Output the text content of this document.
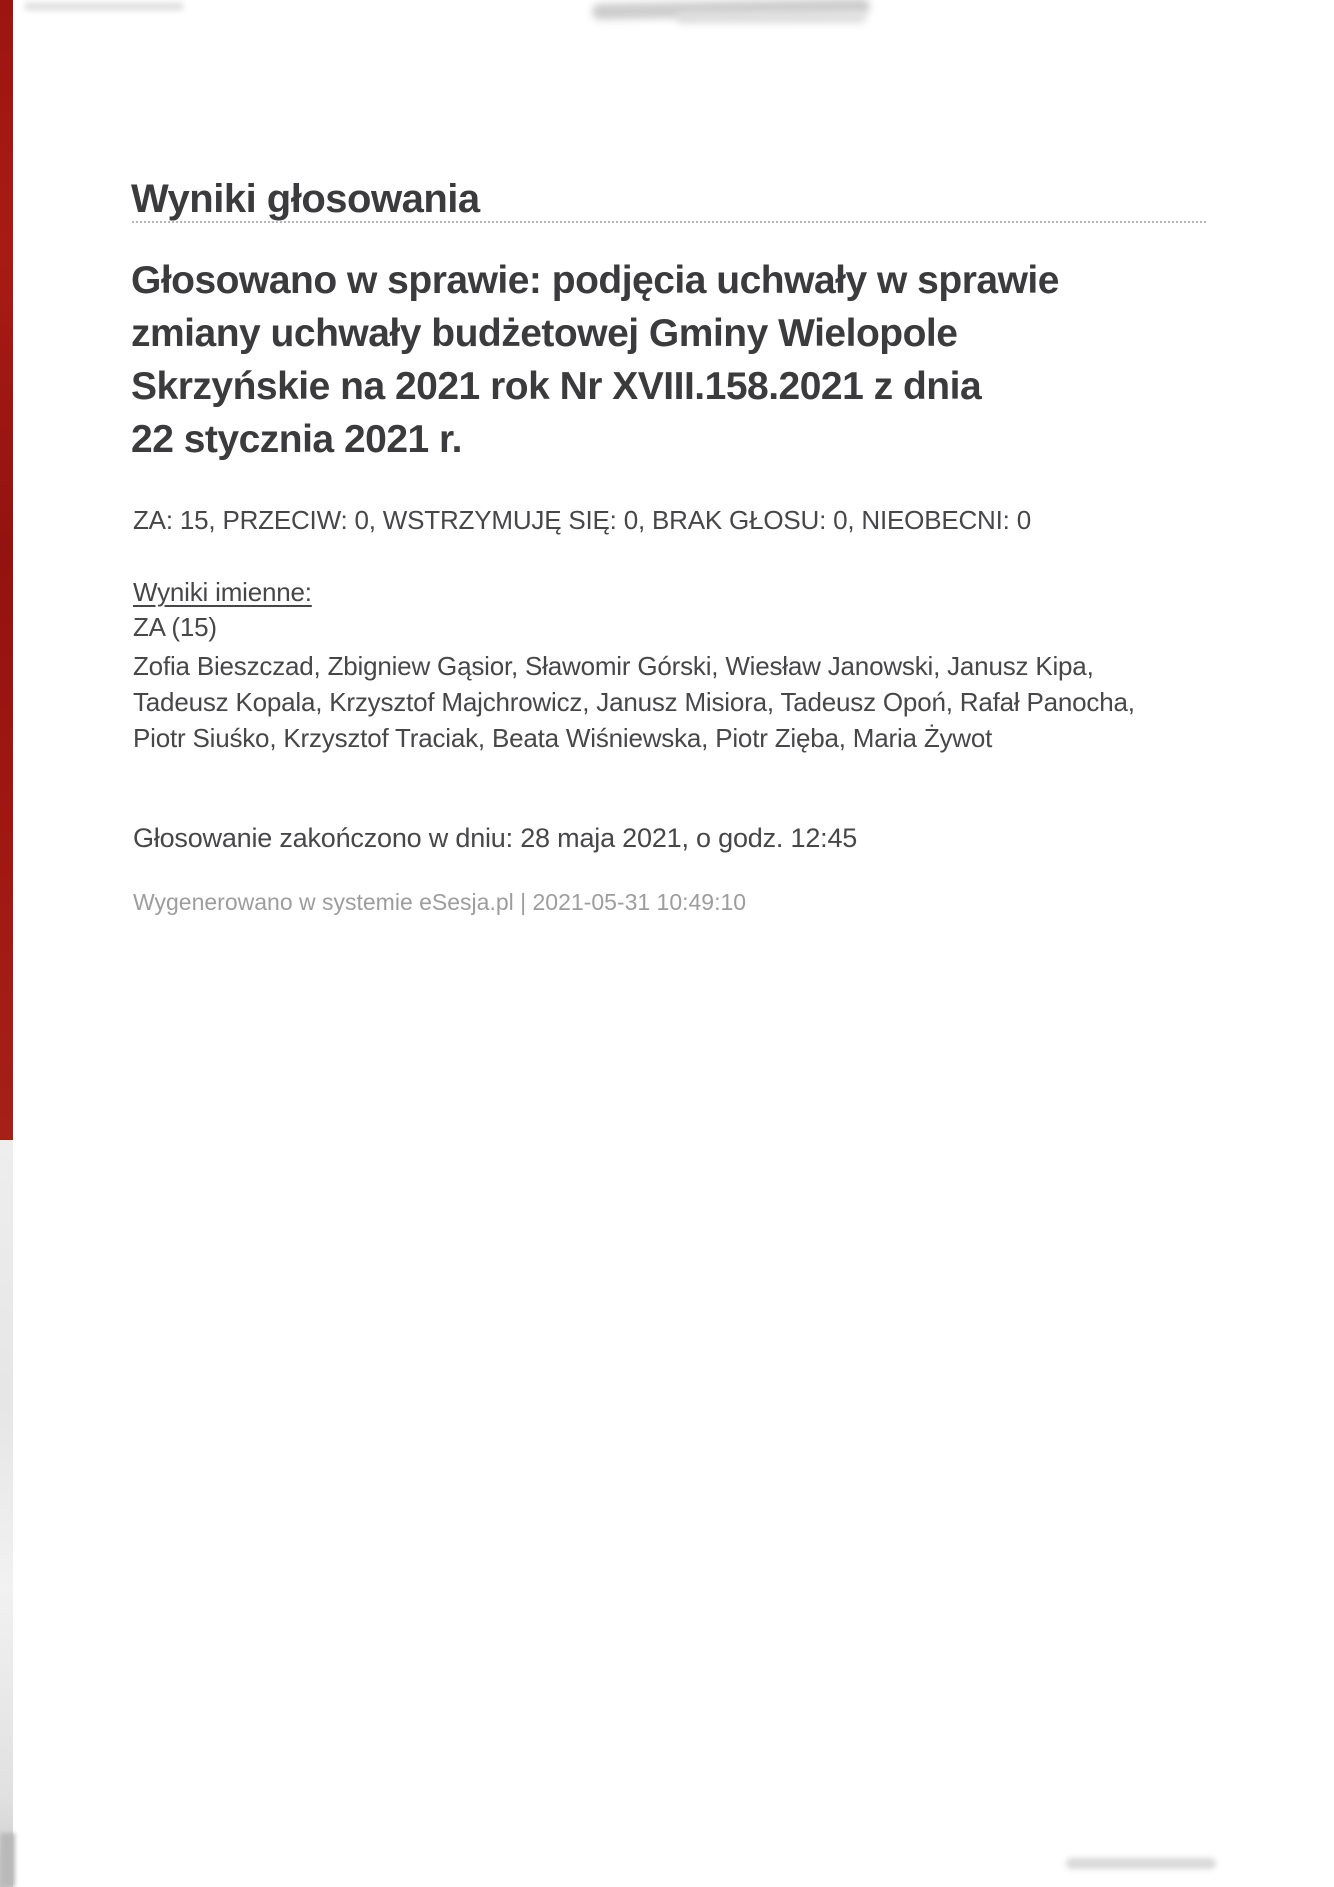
Wyniki głosowania
Głosowano w sprawie: podjęcia uchwały w sprawie
zmiany uchwały budżetowej Gminy Wielopole
Skrzyńskie na 2021 rok Nr XVIII.158.2021 z dnia
22 stycznia 2021 r.
ZA: 15, PRZECIW: 0, WSTRZYMUJĘ SIĘ: 0, BRAK GŁOSU: 0, NIEOBECNI: 0
Wyniki imienne:
ZA (15)
Zofia Bieszczad, Zbigniew Gąsior, Sławomir Górski, Wiesław Janowski, Janusz Kipa,
Tadeusz Kopala, Krzysztof Majchrowicz, Janusz Misiora, Tadeusz Opoń, Rafał Panocha,
Piotr Siuśko, Krzysztof Traciak, Beata Wiśniewska, Piotr Zięba, Maria Żywot
Głosowanie zakończono w dniu: 28 maja 2021, o godz. 12:45
Wygenerowano w systemie eSesja.pl | 2021-05-31 10:49:10
